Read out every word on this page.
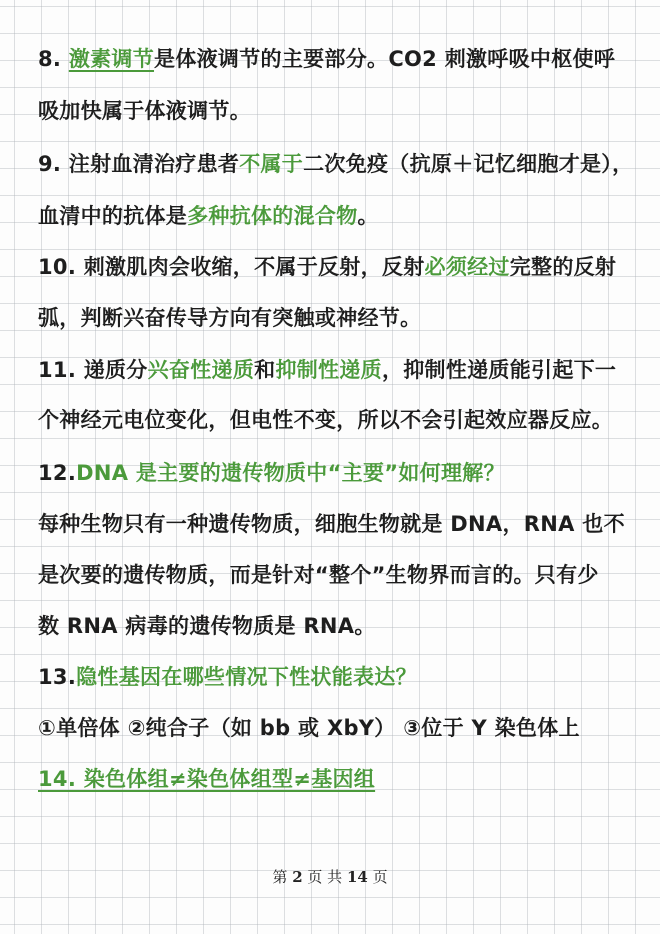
8. 激素调节是体液调节的主要部分。CO2 刺激呼吸中枢使呼
吸加快属于体液调节。
9. 注射血清治疗患者不属于二次免疫（抗原＋记忆细胞才是），
血清中的抗体是多种抗体的混合物。
10. 刺激肌肉会收缩，不属于反射，反射必须经过完整的反射
弧，判断兴奋传导方向有突触或神经节。
11. 递质分兴奋性递质和抑制性递质，抑制性递质能引起下一
个神经元电位变化，但电性不变，所以不会引起效应器反应。
12.DNA 是主要的遗传物质中“主要”如何理解？
每种生物只有一种遗传物质，细胞生物就是 DNA，RNA 也不
是次要的遗传物质，而是针对“整个”生物界而言的。只有少
数 RNA 病毒的遗传物质是 RNA。
13.隐性基因在哪些情况下性状能表达？
①单倍体 ②纯合子（如 bb 或 XbY） ③位于 Y 染色体上
14. 染色体组≠染色体组型≠基因组
第 2 页 共 14 页
